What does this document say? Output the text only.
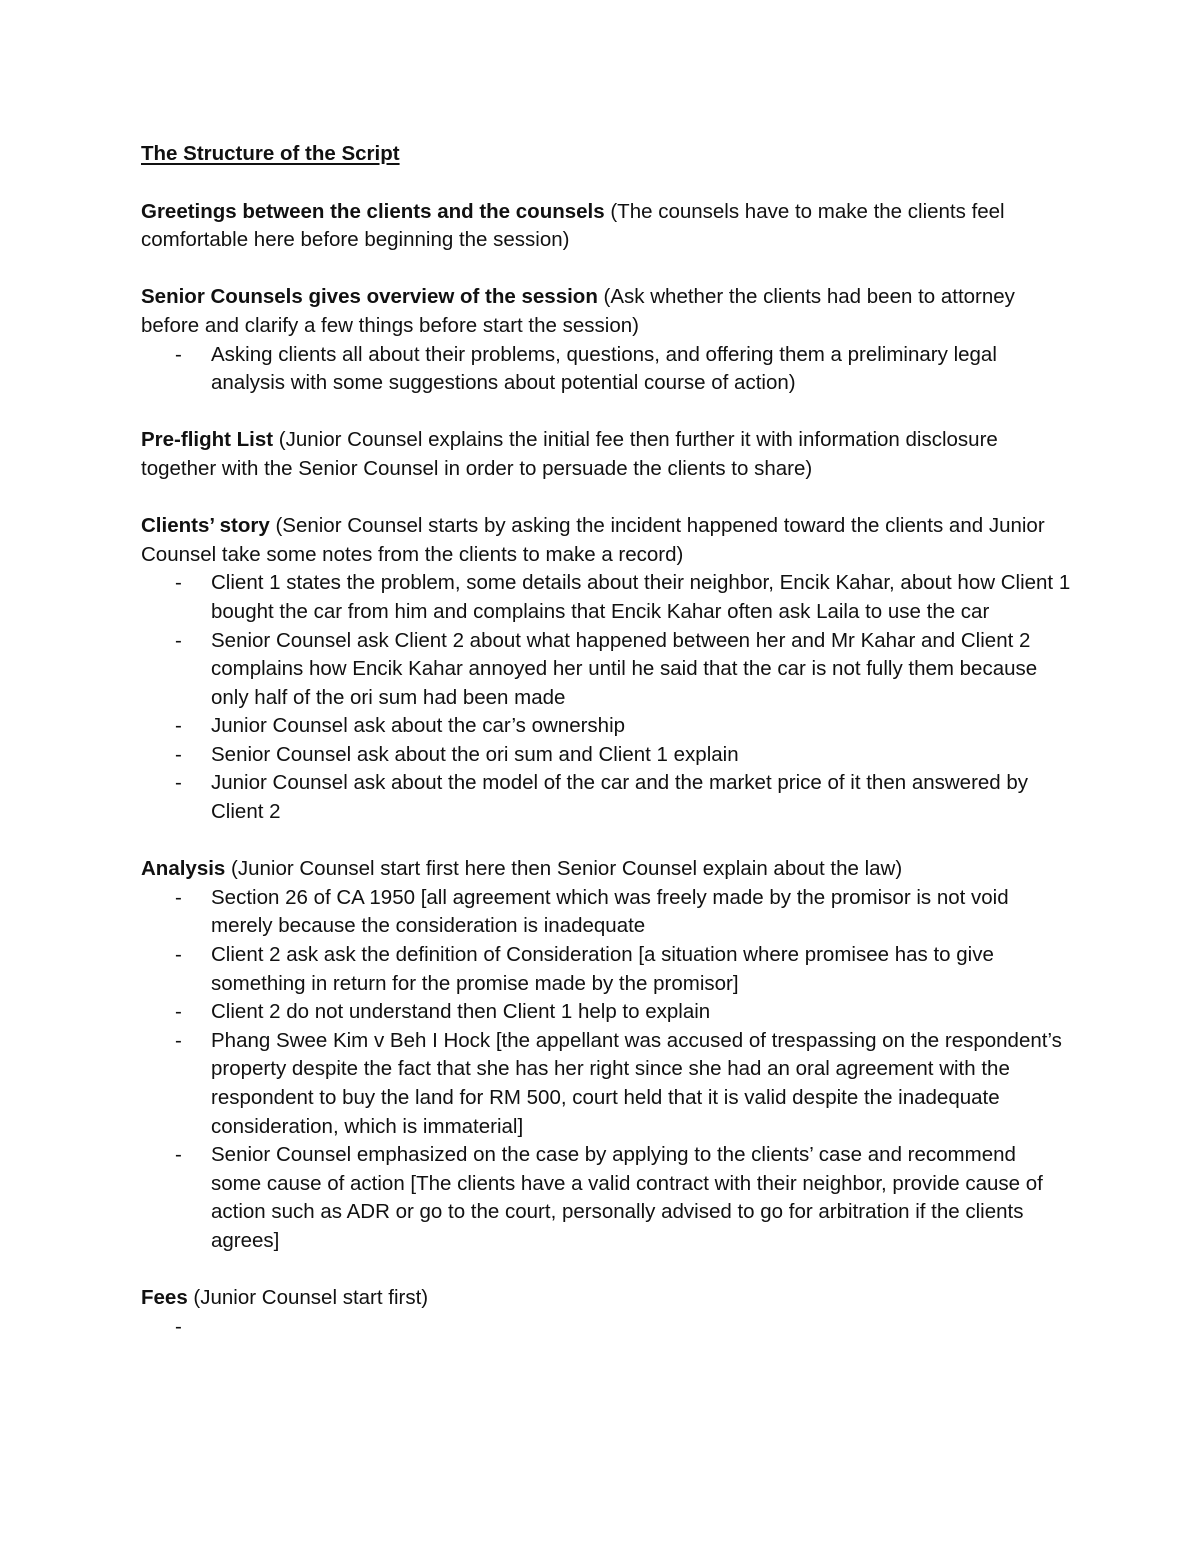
The Structure of the Script

Greetings between the clients and the counsels (The counsels have to make the clients feel comfortable here before beginning the session)

Senior Counsels gives overview of the session (Ask whether the clients had been to attorney before and clarify a few things before start the session)

- Asking clients all about their problems, questions, and offering them a preliminary legal analysis with some suggestions about potential course of action)

Pre-flight List (Junior Counsel explains the initial fee then further it with information disclosure together with the Senior Counsel in order to persuade the clients to share)

Clients’ story (Senior Counsel starts by asking the incident happened toward the clients and Junior Counsel take some notes from the clients to make a record)

- Client 1 states the problem, some details about their neighbor, Encik Kahar, about how Client 1 bought the car from him and complains that Encik Kahar often ask Laila to use the car
- Senior Counsel ask Client 2 about what happened between her and Mr Kahar and Client 2 complains how Encik Kahar annoyed her until he said that the car is not fully them because only half of the ori sum had been made
- Junior Counsel ask about the car’s ownership
- Senior Counsel ask about the ori sum and Client 1 explain
- Junior Counsel ask about the model of the car and the market price of it then answered by Client 2

Analysis (Junior Counsel start first here then Senior Counsel explain about the law)

- Section 26 of CA 1950 [all agreement which was freely made by the promisor is not void merely because the consideration is inadequate
- Client 2 ask ask the definition of Consideration [a situation where promisee has to give something in return for the promise made by the promisor]
- Client 2 do not understand then Client 1 help to explain
- Phang Swee Kim v Beh I Hock [the appellant was accused of trespassing on the respondent’s property despite the fact that she has her right since she had an oral agreement with the respondent to buy the land for RM 500, court held that it is valid despite the inadequate consideration, which is immaterial]
- Senior Counsel emphasized on the case by applying to the clients’ case and recommend some cause of action [The clients have a valid contract with their neighbor, provide cause of action such as ADR or go to the court, personally advised to go for arbitration if the clients agrees]

Fees (Junior Counsel start first)

-
